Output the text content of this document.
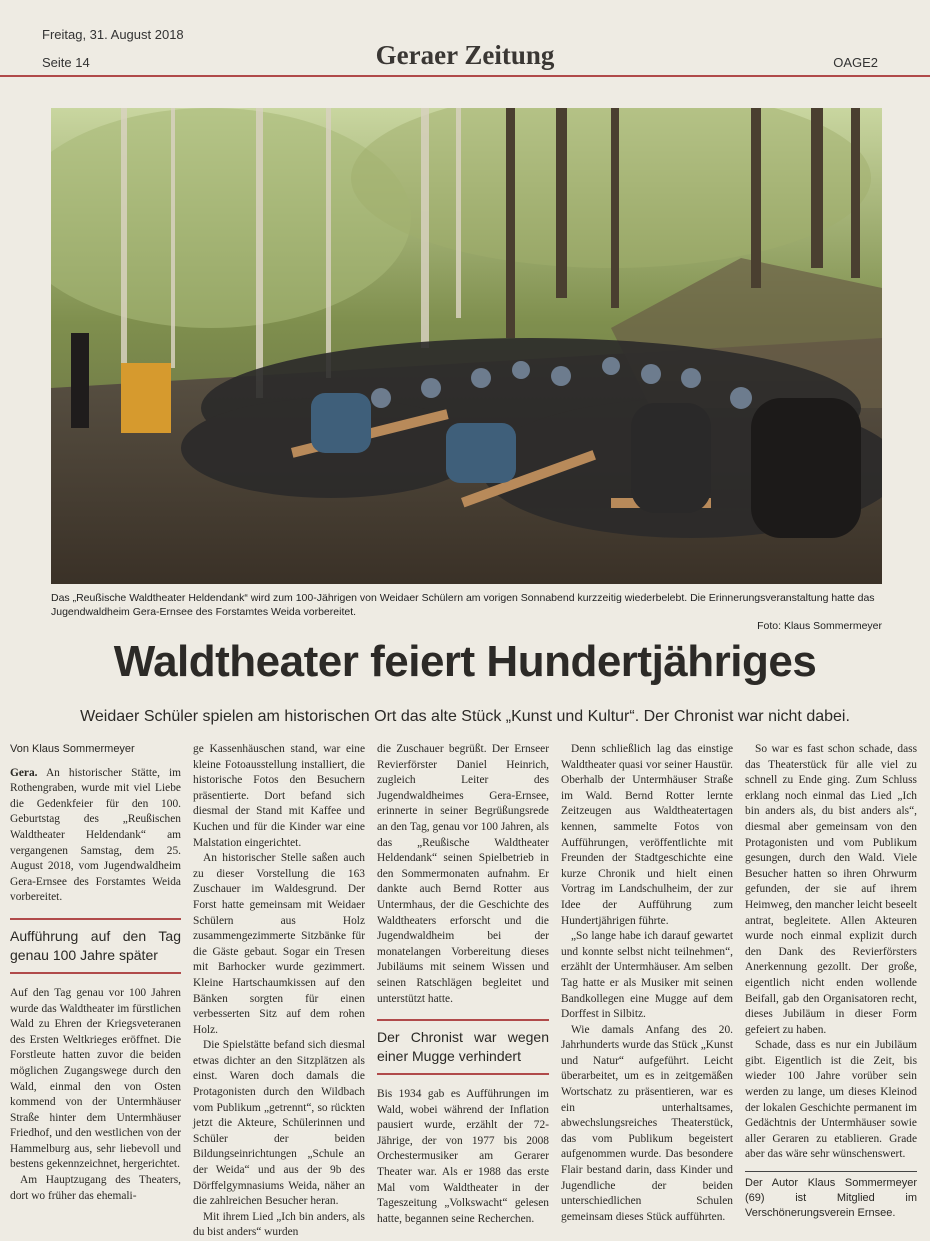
Freitag, 31. August 2018
Seite 14	Geraer Zeitung	OAGE2
Das „Reußische Waldtheater Heldendank“ wird zum 100-Jährigen von Weidaer Schülern am vorigen Sonnabend kurzzeitig wiederbelebt. Die Erinnerungsveranstaltung hatte das Jugendwaldheim Gera-Ernsee des Forstamtes Weida vorbereitet.
Foto: Klaus Sommermeyer
Waldtheater feiert Hundertjähriges
Weidaer Schüler spielen am historischen Ort das alte Stück „Kunst und Kultur“. Der Chronist war nicht dabei.
Von Klaus Sommermeyer

Gera. An historischer Stätte, im Rothengraben, wurde mit viel Liebe die Gedenkfeier für den 100. Geburtstag des „Reußischen Waldtheater Heldendank“ am vergangenen Samstag, dem 25. August 2018, vom Jugendwaldheim Gera-Ernsee des Forstamtes Weida vorbereitet.

Aufführung auf den Tag genau 100 Jahre später

Auf den Tag genau vor 100 Jahren wurde das Waldtheater im fürstlichen Wald zu Ehren der Kriegsveteranen des Ersten Weltkrieges eröffnet. Die Forstleute hatten zuvor die beiden möglichen Zugangswege durch den Wald, einmal den von Osten kommend von der Untermhäuser Straße hinter dem Untermhäuser Friedhof, und den westlichen von der Hammelburg aus, sehr liebevoll und bestens gekennzeichnet, hergerichtet.

Am Hauptzugang des Theaters, dort wo früher das ehemali-

ge Kassenhäuschen stand, war eine kleine Fotoausstellung installiert, die historische Fotos den Besuchern präsentierte. Dort befand sich diesmal der Stand mit Kaffee und Kuchen und für die Kinder war eine Malstation eingerichtet.

An historischer Stelle saßen auch zu dieser Vorstellung die 163 Zuschauer im Waldesgrund. Der Forst hatte gemeinsam mit Weidaer Schülern aus Holz zusammengezimmerte Sitzbänke für die Gäste gebaut. Sogar ein Tresen mit Barhocker wurde gezimmert. Kleine Hartschaumkissen auf den Bänken sorgten für einen verbesserten Sitz auf dem rohen Holz.

Die Spielstätte befand sich diesmal etwas dichter an den Sitzplätzen als einst. Waren doch damals die Protagonisten durch den Wildbach vom Publikum „getrennt“, so rückten jetzt die Akteure, Schülerinnen und Schüler der beiden Bildungseinrichtungen „Schule an der Weida“ und aus der 9b des Dörffelgymnasiums Weida, näher an die zahlreichen Besucher heran.

Mit ihrem Lied „Ich bin anders, als du bist anders“ wurden

die Zuschauer begrüßt. Der Ernseer Revierförster Daniel Heinrich, zugleich Leiter des Jugendwaldheimes Gera-Ernsee, erinnerte in seiner Begrüßungsrede an den Tag, genau vor 100 Jahren, als das „Reußische Waldtheater Heldendank“ seinen Spielbetrieb in den Sommermonaten aufnahm. Er dankte auch Bernd Rotter aus Untermhaus, der die Geschichte des Waldtheaters erforscht und die Jugendwaldheim bei der monatelangen Vorbereitung dieses Jubiläums mit seinem Wissen und seinen Ratschlägen begleitet und unterstützt hatte.

Der Chronist war wegen einer Mugge verhindert

Bis 1934 gab es Aufführungen im Wald, wobei während der Inflation pausiert wurde, erzählt der 72-Jährige, der von 1977 bis 2008 Orchestermusiker am Gerarer Theater war. Als er 1988 das erste Mal vom Waldtheater in der Tageszeitung „Volkswacht“ gelesen hatte, begannen seine Recherchen.

Denn schließlich lag das einstige Waldtheater quasi vor seiner Haustür. Oberhalb der Untermhäuser Straße im Wald. Bernd Rotter lernte Zeitzeugen aus Waldtheatertagen kennen, sammelte Fotos von Aufführungen, veröffentlichte mit Freunden der Stadtgeschichte eine kurze Chronik und hielt einen Vortrag im Landschulheim, der zur Idee der Aufführung zum Hundertjährigen führte.

„So lange habe ich darauf gewartet und konnte selbst nicht teilnehmen“, erzählt der Untermhäuser. Am selben Tag hatte er als Musiker mit seinen Bandkollegen eine Mugge auf dem Dorffest in Silbitz.

Wie damals Anfang des 20. Jahrhunderts wurde das Stück „Kunst und Natur“ aufgeführt. Leicht überarbeitet, um es in zeitgemäßen Wortschatz zu präsentieren, war es ein unterhaltsames, abwechslungsreiches Theaterstück, das vom Publikum begeistert aufgenommen wurde. Das besondere Flair bestand darin, dass Kinder und Jugendliche der beiden unterschiedlichen Schulen gemeinsam dieses Stück aufführten.

So war es fast schon schade, dass das Theaterstück für alle viel zu schnell zu Ende ging. Zum Schluss erklang noch einmal das Lied „Ich bin anders als, du bist anders als“, diesmal aber gemeinsam von den Protagonisten und vom Publikum gesungen, durch den Wald. Viele Besucher hatten so ihren Ohrwurm gefunden, der sie auf ihrem Heimweg, den mancher leicht beseelt antrat, begleitete. Allen Akteuren wurde noch einmal explizit durch den Dank des Revierförsters Anerkennung gezollt. Der große, eigentlich nicht enden wollende Beifall, gab den Organisatoren recht, dieses Jubiläum in dieser Form gefeiert zu haben.

Schade, dass es nur ein Jubiläum gibt. Eigentlich ist die Zeit, bis wieder 100 Jahre vorüber sein werden zu lange, um dieses Kleinod der lokalen Geschichte permanent im Gedächtnis der Untermhäuser sowie aller Geraren zu etablieren. Grade aber das wäre sehr wünschenswert.

Der Autor Klaus Sommermeyer (69) ist Mitglied im Verschönerungsverein Ernsee.
